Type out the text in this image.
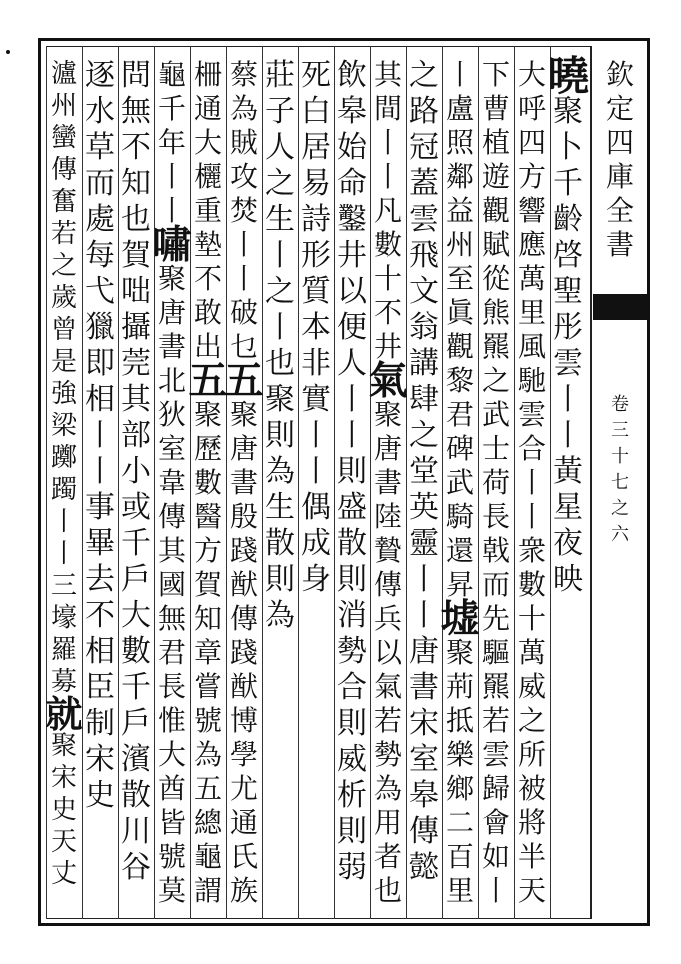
欽
定
四
庫
全
書
卷
三
十
七
之
六
曉
聚
卜
千
齡
啓
聖
彤
雲
丨
丨
黃
星
夜
映
大
呼
四
方
響
應
萬
里
風
馳
雲
合
丨
丨
衆
數
十
萬
威
之
所
被
將
半
天
下
曹
植
遊
觀
賦
從
熊
羆
之
武
士
荷
長
戟
而
先
驅
羆
若
雲
歸
會
如
丨
丨
盧
照
鄰
益
州
至
眞
觀
黎
君
碑
武
騎
還
昇
墟
聚
荊
抵
樂
鄉
二
百
里
之
路
冠
蓋
雲
飛
文
翁
講
肆
之
堂
英
靈
丨
丨
唐
書
宋
室
皋
傳
懿
其
間
丨
丨
凡
數
十
不
井
氣
聚
唐
書
陸
贄
傳
兵
以
氣
若
勢
為
用
者
也
飲
皋
始
命
鑿
井
以
便
人
丨
丨
則
盛
散
則
消
勢
合
則
威
析
則
弱
死
白
居
易
詩
形
質
本
非
實
丨
丨
偶
成
身
莊
子
人
之
生
丨
之
丨
也
聚
則
為
生
散
則
為
蔡
為
賊
攻
焚
丨
丨
破
乜
五
聚
唐
書
殷
踐
猷
傳
踐
猷
博
學
尤
通
氏
族
柵
通
大
欐
重
墊
不
敢
出
五
聚
歷
數
醫
方
賀
知
章
嘗
號
為
五
總
龜
謂
龜
千
年
丨
丨
嘯
聚
唐
書
北
狄
室
韋
傳
其
國
無
君
長
惟
大
酋
皆
號
莫
問
無
不
知
也
賀
咄
攝
莞
其
部
小
或
千
戶
大
數
千
戶
濱
散
川
谷
逐
水
草
而
處
每
弋
獵
即
相
丨
丨
事
畢
去
不
相
臣
制
宋
史
瀘
州
蠻
傳
奮
若
之
歲
曾
是
強
梁
躑
躅
丨
丨
三
壕
羅
募
就
聚
宋
史
天
丈
